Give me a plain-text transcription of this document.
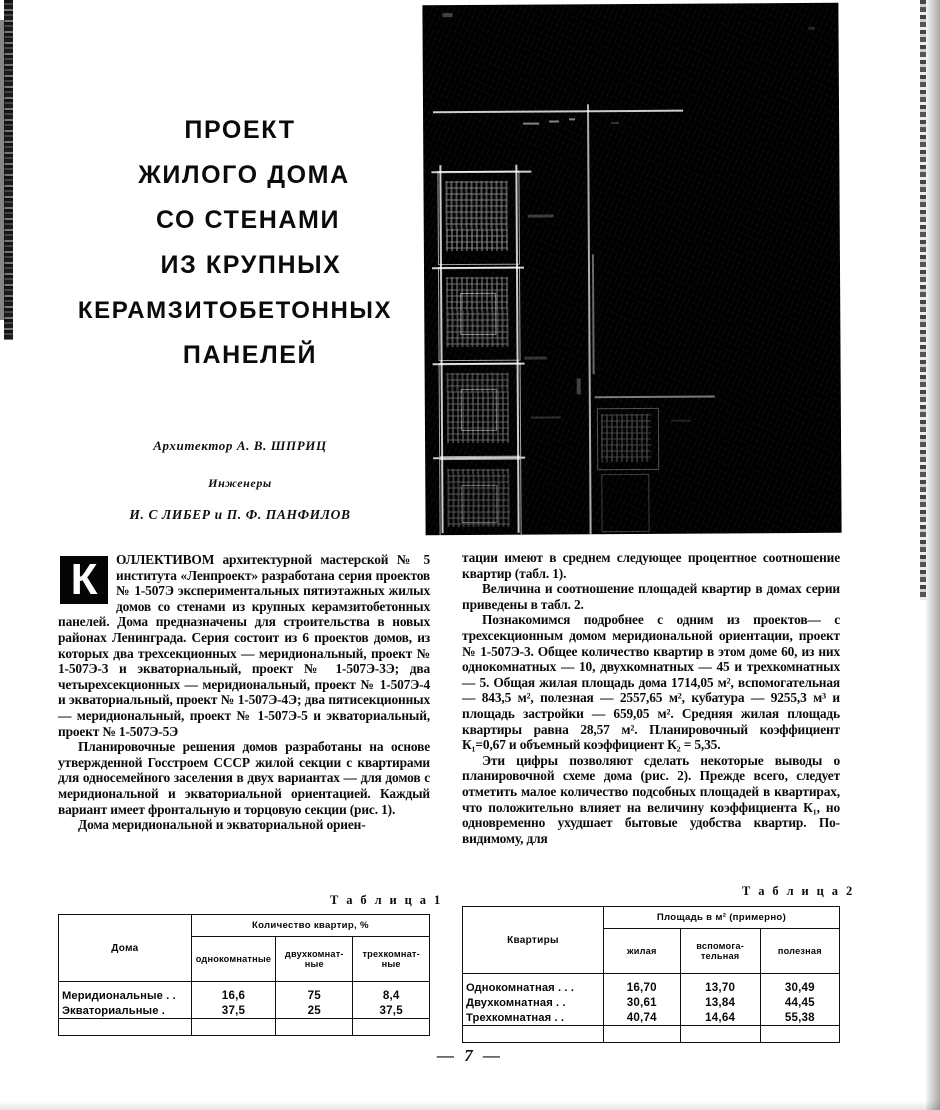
ПРОЕКТ
ЖИЛОГО ДОМА
СО СТЕНАМИ
ИЗ КРУПНЫХ
КЕРАМЗИТОБЕТОННЫХ
ПАНЕЛЕЙ
Архитектор А. В. ШПРИЦ
Инженеры
И. С ЛИБЕР и П. Ф. ПАНФИЛОВ

К	ОЛЛЕКТИВОМ архитектурной мастерской № 5 института «Ленпроект» разработана серия проектов № 1-507Э экспериментальных пятиэтажных жилых домов со стенами из крупных керамзитобетонных панелей. Дома предназначены для строительства в новых районах Ленинграда. Серия состоит из 6 проектов домов, из которых два трехсекционных — меридиональный, проект № 1-507Э-3 и экваториальный, проект № 1-507Э-3Э; два четырехсекционных — меридиональный, проект № 1-507Э-4 и экваториальный, проект № 1-507Э-4Э; два пятисекционных — меридиональный, проект № 1-507Э-5 и экваториальный, проект № 1-507Э-5Э

Планировочные решения домов разработаны на основе утвержденной Госстроем СССР жилой секции с квартирами для односемейного заселения в двух вариантах — для домов с меридиональной и экваториальной ориентацией. Каждый вариант имеет фронтальную и торцовую секции (рис. 1).

Дома меридиональной и экваториальной ориен-

тации имеют в среднем следующее процентное соотношение квартир (табл. 1).

Величина и соотношение площадей квартир в домах серии приведены в табл. 2.

Познакомимся подробнее с одним из проектов— с трехсекционным домом меридиональной ориентации, проект № 1-507Э-3. Общее количество квартир в этом доме 60, из них однокомнатных — 10, двухкомнатных — 45 и трехкомнатных — 5. Общая жилая площадь дома 1714,05 м², вспомогательная — 843,5 м², полезная — 2557,65 м², кубатура — 9255,3 м³ и площадь застройки — 659,05 м². Средняя жилая площадь квартиры равна 28,57 м². Планировочный коэффициент К₁=0,67 и объемный коэффициент К₂ = 5,35.

Эти цифры позволяют сделать некоторые выводы о планировочной схеме дома (рис. 2). Прежде всего, следует отметить малое количество подсобных площадей в квартирах, что положительно влияет на величину коэффициента К₁, но одновременно ухудшает бытовые удобства квартир. По-видимому, для

Т а б л и ц а 1
Дома	Количество квартир, %		
	однокомнатные	двухкомнат-ные	трехкомнат-ные
Меридиональные . .	16,6	75	8,4
Экваториальные .	37,5	25	37,5

Т а б л и ц а 2
Квартиры	Площадь в м² (примерно)		
	жилая	вспомога-тельная	полезная
Однокомнатная . . .	16,70	13,70	30,49
Двухкомнатная . .	30,61	13,84	44,45
Трехкомнатная . .	40,74	14,64	55,38

— 7 —
